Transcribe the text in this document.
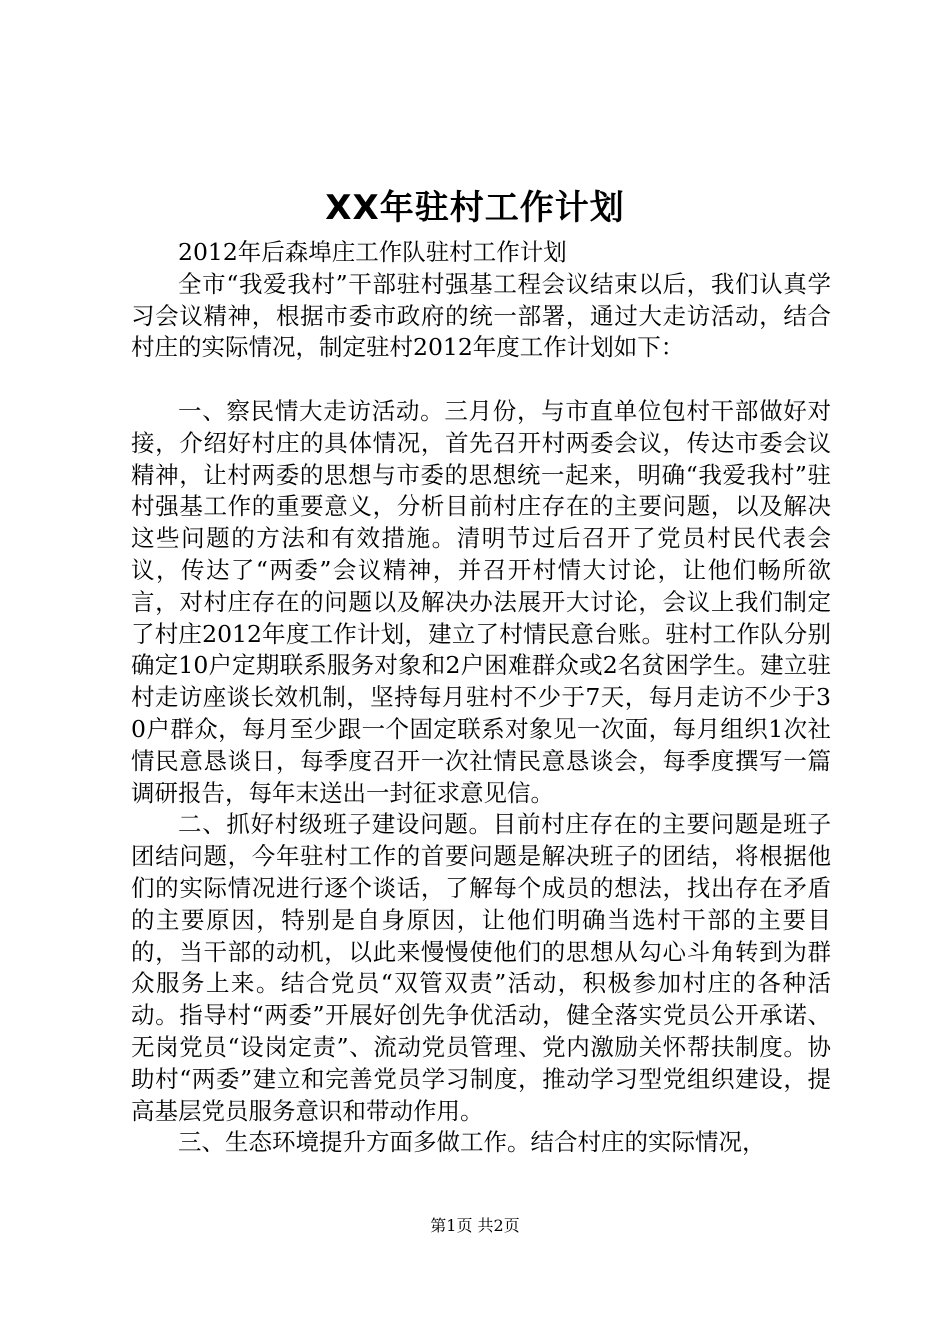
XX年驻村工作计划

2012年后森埠庄工作队驻村工作计划

全市“我爱我村”干部驻村强基工程会议结束以后，我们认真学习会议精神，根据市委市政府的统一部署，通过大走访活动，结合村庄的实际情况，制定驻村2012年度工作计划如下：

一、察民情大走访活动。三月份，与市直单位包村干部做好对接，介绍好村庄的具体情况，首先召开村两委会议，传达市委会议精神，让村两委的思想与市委的思想统一起来，明确“我爱我村”驻村强基工作的重要意义，分析目前村庄存在的主要问题，以及解决这些问题的方法和有效措施。清明节过后召开了党员村民代表会议，传达了“两委”会议精神，并召开村情大讨论，让他们畅所欲言，对村庄存在的问题以及解决办法展开大讨论，会议上我们制定了村庄2012年度工作计划，建立了村情民意台账。驻村工作队分别确定10户定期联系服务对象和2户困难群众或2名贫困学生。建立驻村走访座谈长效机制，坚持每月驻村不少于7天，每月走访不少于30户群众，每月至少跟一个固定联系对象见一次面，每月组织1次社情民意恳谈日，每季度召开一次社情民意恳谈会，每季度撰写一篇调研报告，每年末送出一封征求意见信。

二、抓好村级班子建设问题。目前村庄存在的主要问题是班子团结问题，今年驻村工作的首要问题是解决班子的团结，将根据他们的实际情况进行逐个谈话，了解每个成员的想法，找出存在矛盾的主要原因，特别是自身原因，让他们明确当选村干部的主要目的，当干部的动机，以此来慢慢使他们的思想从勾心斗角转到为群众服务上来。结合党员“双管双责”活动，积极参加村庄的各种活动。指导村“两委”开展好创先争优活动，健全落实党员公开承诺、无岗党员“设岗定责”、流动党员管理、党内激励关怀帮扶制度。协助村“两委”建立和完善党员学习制度，推动学习型党组织建设，提高基层党员服务意识和带动作用。

三、生态环境提升方面多做工作。结合村庄的实际情况，

第1页 共2页
